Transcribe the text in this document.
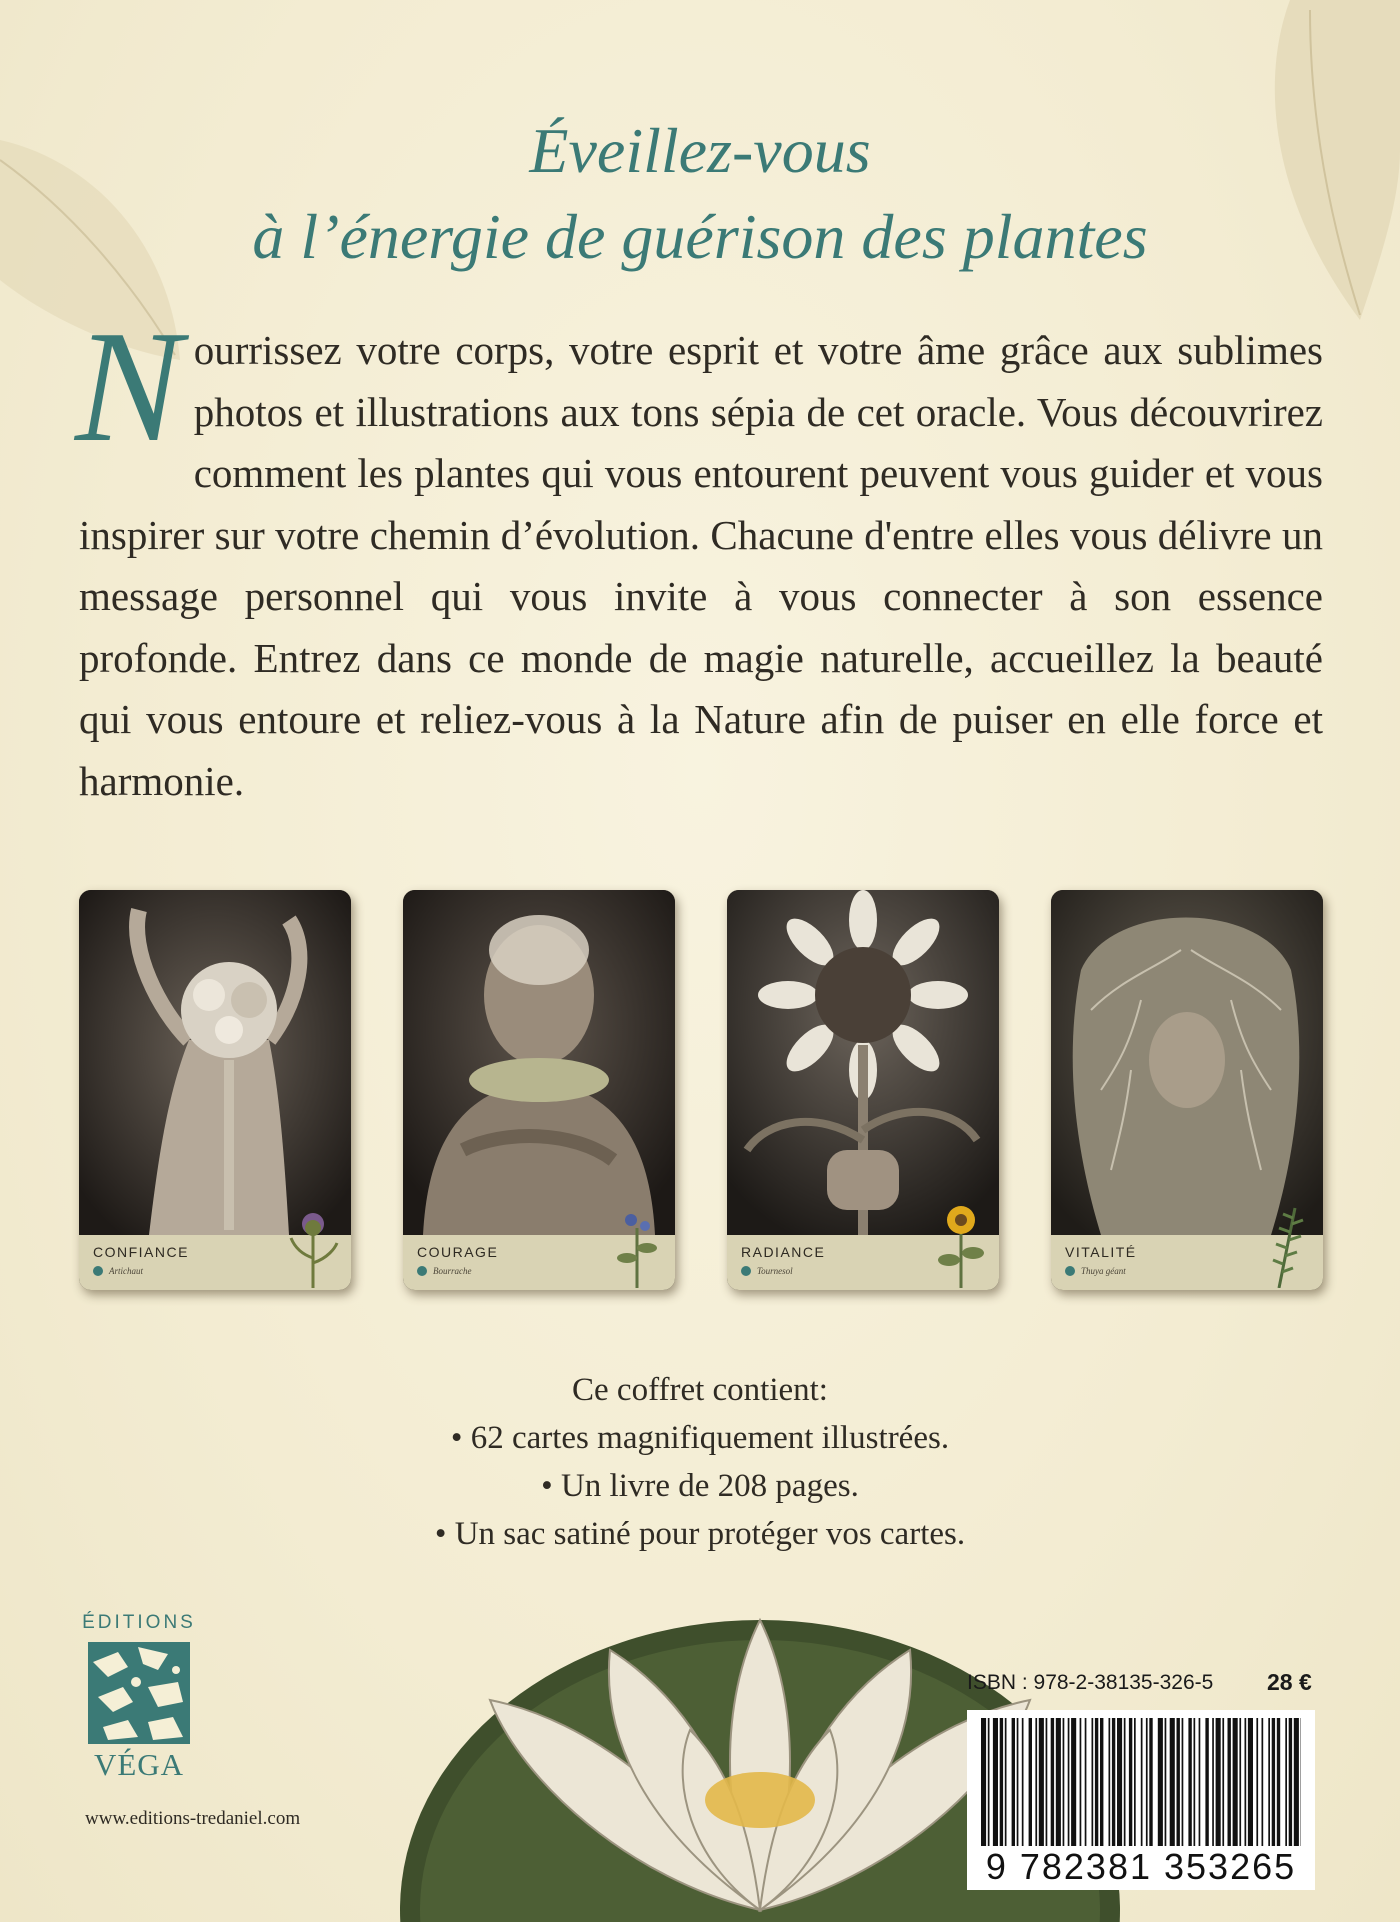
Éveillez-vous
à l’énergie de guérison des plantes
Nourrissez votre corps, votre esprit et votre âme grâce aux sublimes photos et illustrations aux tons sépia de cet oracle. Vous découvrirez comment les plantes qui vous entourent peuvent vous guider et vous inspirer sur votre chemin d’évolution. Chacune d'entre elles vous délivre un message personnel qui vous invite à vous connecter à son essence profonde. Entrez dans ce monde de magie naturelle, accueillez la beauté qui vous entoure et reliez-vous à la Nature afin de puiser en elle force et harmonie.
CONFIANCE
Artichaut
COURAGE
Bourrache
RADIANCE
Tournesol
VITALITÉ
Thuya géant
Ce coffret contient:
• 62 cartes magnifiquement illustrées.
• Un livre de 208 pages.
• Un sac satiné pour protéger vos cartes.
ÉDITIONS
VÉGA
www.editions-tredaniel.com
ISBN : 978-2-38135-326-5 28 €
9 782381 353265
